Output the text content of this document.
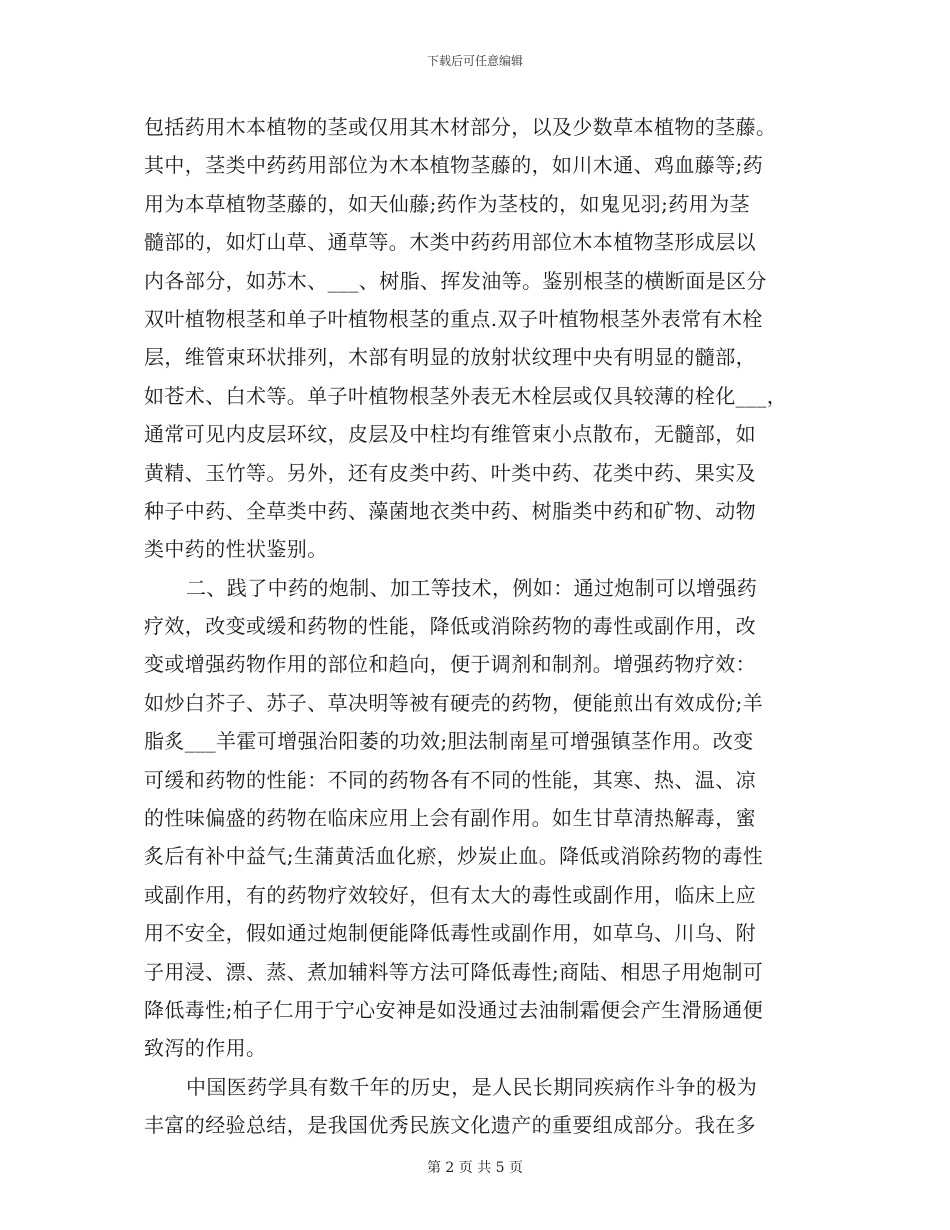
下载后可任意编辑
包括药用木本植物的茎或仅用其木材部分，以及少数草本植物的茎藤。
其中，茎类中药药用部位为木本植物茎藤的，如川木通、鸡血藤等;药
用为本草植物茎藤的，如天仙藤;药作为茎枝的，如鬼见羽;药用为茎
髓部的，如灯山草、通草等。木类中药药用部位木本植物茎形成层以
内各部分，如苏木、___、树脂、挥发油等。鉴别根茎的横断面是区分
双叶植物根茎和单子叶植物根茎的重点.双子叶植物根茎外表常有木栓
层，维管束环状排列，木部有明显的放射状纹理中央有明显的髓部，
如苍术、白术等。单子叶植物根茎外表无木栓层或仅具较薄的栓化___，
通常可见内皮层环纹，皮层及中柱均有维管束小点散布，无髓部，如
黄精、玉竹等。另外，还有皮类中药、叶类中药、花类中药、果实及
种子中药、全草类中药、藻菌地衣类中药、树脂类中药和矿物、动物
类中药的性状鉴别。
二、践了中药的炮制、加工等技术，例如：通过炮制可以增强药
疗效，改变或缓和药物的性能，降低或消除药物的毒性或副作用，改
变或增强药物作用的部位和趋向，便于调剂和制剂。增强药物疗效：
如炒白芥子、苏子、草决明等被有硬壳的药物，便能煎出有效成份;羊
脂炙___羊霍可增强治阳萎的功效;胆法制南星可增强镇茎作用。改变
可缓和药物的性能：不同的药物各有不同的性能，其寒、热、温、凉
的性味偏盛的药物在临床应用上会有副作用。如生甘草清热解毒，蜜
炙后有补中益气;生蒲黄活血化瘀，炒炭止血。降低或消除药物的毒性
或副作用，有的药物疗效较好，但有太大的毒性或副作用，临床上应
用不安全，假如通过炮制便能降低毒性或副作用，如草乌、川乌、附
子用浸、漂、蒸、煮加辅料等方法可降低毒性;商陆、相思子用炮制可
降低毒性;柏子仁用于宁心安神是如没通过去油制霜便会产生滑肠通便
致泻的作用。
中国医药学具有数千年的历史，是人民长期同疾病作斗争的极为
丰富的经验总结，是我国优秀民族文化遗产的重要组成部分。我在多
第 2 页 共 5 页
